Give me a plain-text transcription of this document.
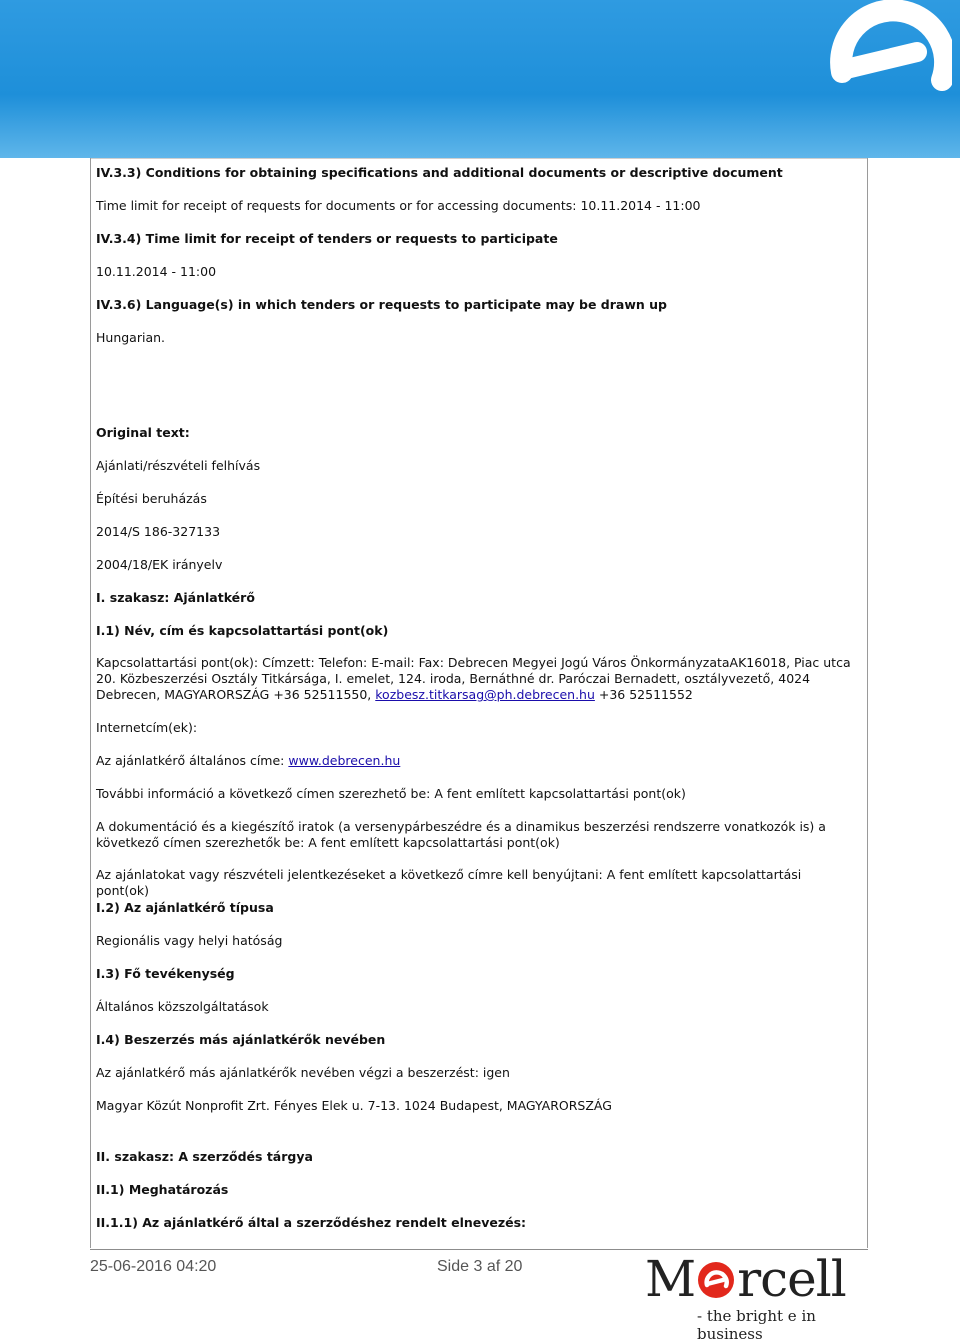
IV.3.3) Conditions for obtaining specifications and additional documents or descriptive document

Time limit for receipt of requests for documents or for accessing documents: 10.11.2014 - 11:00

IV.3.4) Time limit for receipt of tenders or requests to participate

10.11.2014 - 11:00

IV.3.6) Language(s) in which tenders or requests to participate may be drawn up

Hungarian.

Original text:

Ajánlati/részvételi felhívás

Építési beruházás

2014/S 186-327133

2004/18/EK irányelv

I. szakasz: Ajánlatkérő

I.1) Név, cím és kapcsolattartási pont(ok)

Kapcsolattartási pont(ok): Címzett: Telefon: E-mail: Fax: Debrecen Megyei Jogú Város ÖnkormányzataAK16018, Piac utca 20. Közbeszerzési Osztály Titkársága, I. emelet, 124. iroda, Bernáthné dr. Paróczai Bernadett, osztályvezető, 4024 Debrecen, MAGYARORSZÁG +36 52511550, kozbesz.titkarsag@ph.debrecen.hu +36 52511552

Internetcím(ek):

Az ajánlatkérő általános címe: www.debrecen.hu

További információ a következő címen szerezhető be: A fent említett kapcsolattartási pont(ok)

A dokumentáció és a kiegészítő iratok (a versenypárbeszédre és a dinamikus beszerzési rendszerre vonatkozók is) a következő címen szerezhetők be: A fent említett kapcsolattartási pont(ok)

Az ajánlatokat vagy részvételi jelentkezéseket a következő címre kell benyújtani: A fent említett kapcsolattartási pont(ok)

I.2) Az ajánlatkérő típusa

Regionális vagy helyi hatóság

I.3) Fő tevékenység

Általános közszolgáltatások

I.4) Beszerzés más ajánlatkérők nevében

Az ajánlatkérő más ajánlatkérők nevében végzi a beszerzést: igen

Magyar Közút Nonprofit Zrt. Fényes Elek u. 7-13. 1024 Budapest, MAGYARORSZÁG

II. szakasz: A szerződés tárgya

II.1) Meghatározás

II.1.1) Az ajánlatkérő által a szerződéshez rendelt elnevezés:

25-06-2016 04:20	Side 3 af 20 M rcell
- the bright e in business
